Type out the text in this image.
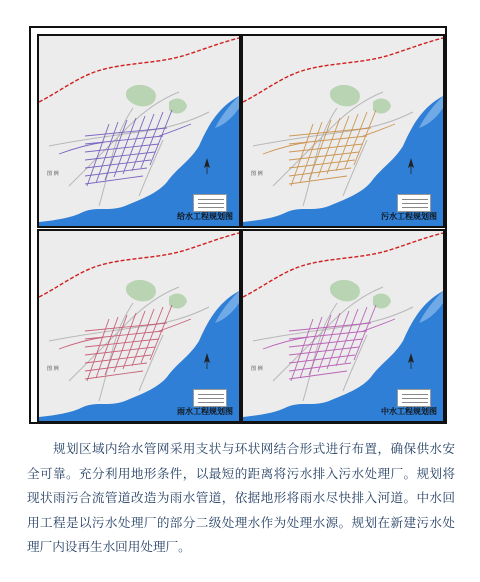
图 例
给水工程规划图
图 例
污水工程规划图
图 例
雨水工程规划图
图 例
中水工程规划图
规划区域内给水管网采用支状与环状网结合形式进行布置，确保供水安全可靠。充分利用地形条件，以最短的距离将污水排入污水处理厂。规划将现状雨污合流管道改造为雨水管道，依据地形将雨水尽快排入河道。中水回用工程是以污水处理厂的部分二级处理水作为处理水源。规划在新建污水处理厂内设再生水回用处理厂。
